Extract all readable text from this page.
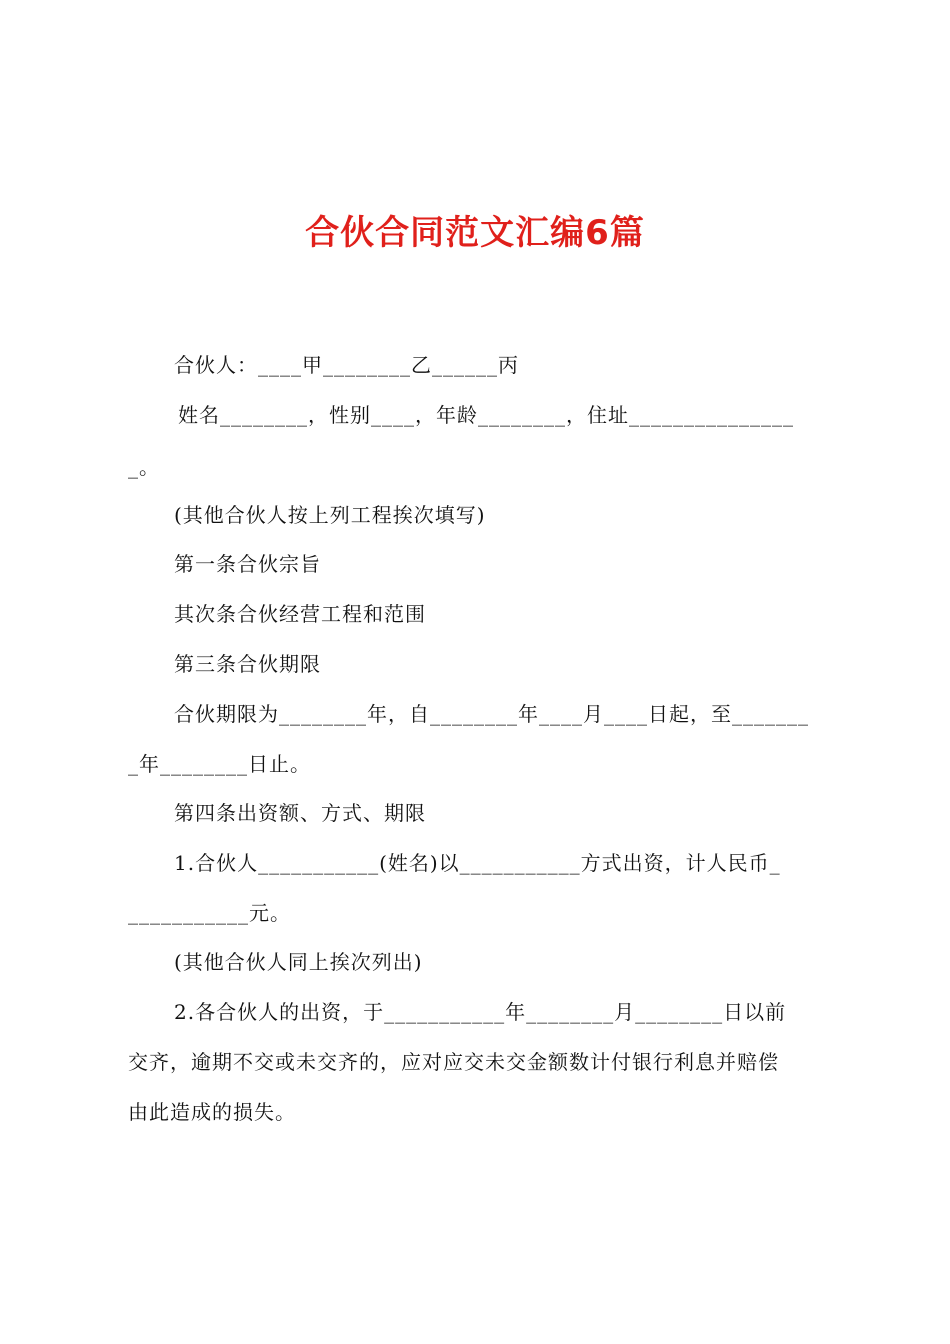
合伙合同范文汇编6篇
合伙人：____甲________乙______丙
姓名________，性别____，年龄________，住址_______________
_。
(其他合伙人按上列工程挨次填写)
第一条合伙宗旨
其次条合伙经营工程和范围
第三条合伙期限
合伙期限为________年，自________年____月____日起，至_______
_年________日止。
第四条出资额、方式、期限
1.合伙人___________(姓名)以___________方式出资，计人民币_
___________元。
(其他合伙人同上挨次列出)
2.各合伙人的出资，于___________年________月________日以前
交齐，逾期不交或未交齐的，应对应交未交金额数计付银行利息并赔偿
由此造成的损失。
